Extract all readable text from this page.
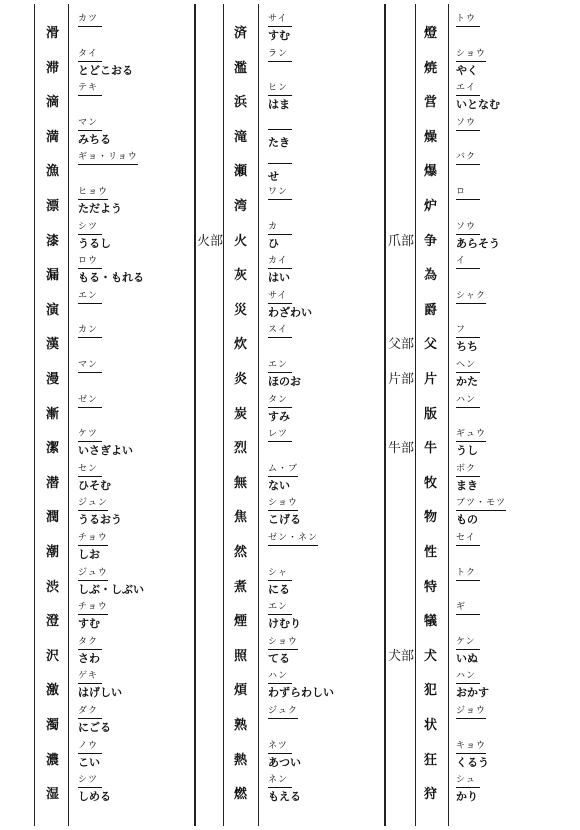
滑
カツ
滞
タイ
とどこおる
滴
テキ
満
マン
みちる
漁
ギョ・リョウ
漂
ヒョウ
ただよう
漆
シツ
うるし
漏
ロウ
もる・もれる
演
エン
漢
カン
漫
マン
漸
ゼン
潔
ケツ
いさぎよい
潜
セン
ひそむ
潤
ジュン
うるおう
潮
チョウ
しお
渋
ジュウ
しぶ・しぶい
澄
チョウ
すむ
沢
タク
さわ
激
ゲキ
はげしい
濁
ダク
にごる
濃
ノウ
こい
湿
シツ
しめる
済
サイ
すむ
濫
ラン
浜
ヒン
はま
滝 たき
瀬 せ
湾
ワン
火部 火
カ
ひ
灰
カイ
はい
災
サイ
わざわい
炊
スイ
炎
エン
ほのお
炭
タン
すみ
烈
レツ
無
ム・ブ
ない
焦
ショウ
こげる
然
ゼン・ネン
煮
シャ
にる
煙
エン
けむり
照
ショウ
てる
煩
ハン
わずらわしい
熟
ジュク
熱
ネツ
あつい
燃
ネン
もえる
燈
トウ
焼
ショウ
やく
営
エイ
いとなむ
燥
ソウ
爆
バク
炉
ロ
爪部 争
ソウ
あらそう
為
イ
爵
シャク
父部 父
フ
ちち
片部 片
ヘン
かた
版
ハン
牛部 牛
ギュウ
うし
牧
ボク
まき
物
ブツ・モツ
もの
性
セイ
特
トク
犠
ギ
犬部 犬
ケン
いぬ
犯
ハン
おかす
状
ジョウ
狂
キョウ
くるう
狩
シュ
かり
